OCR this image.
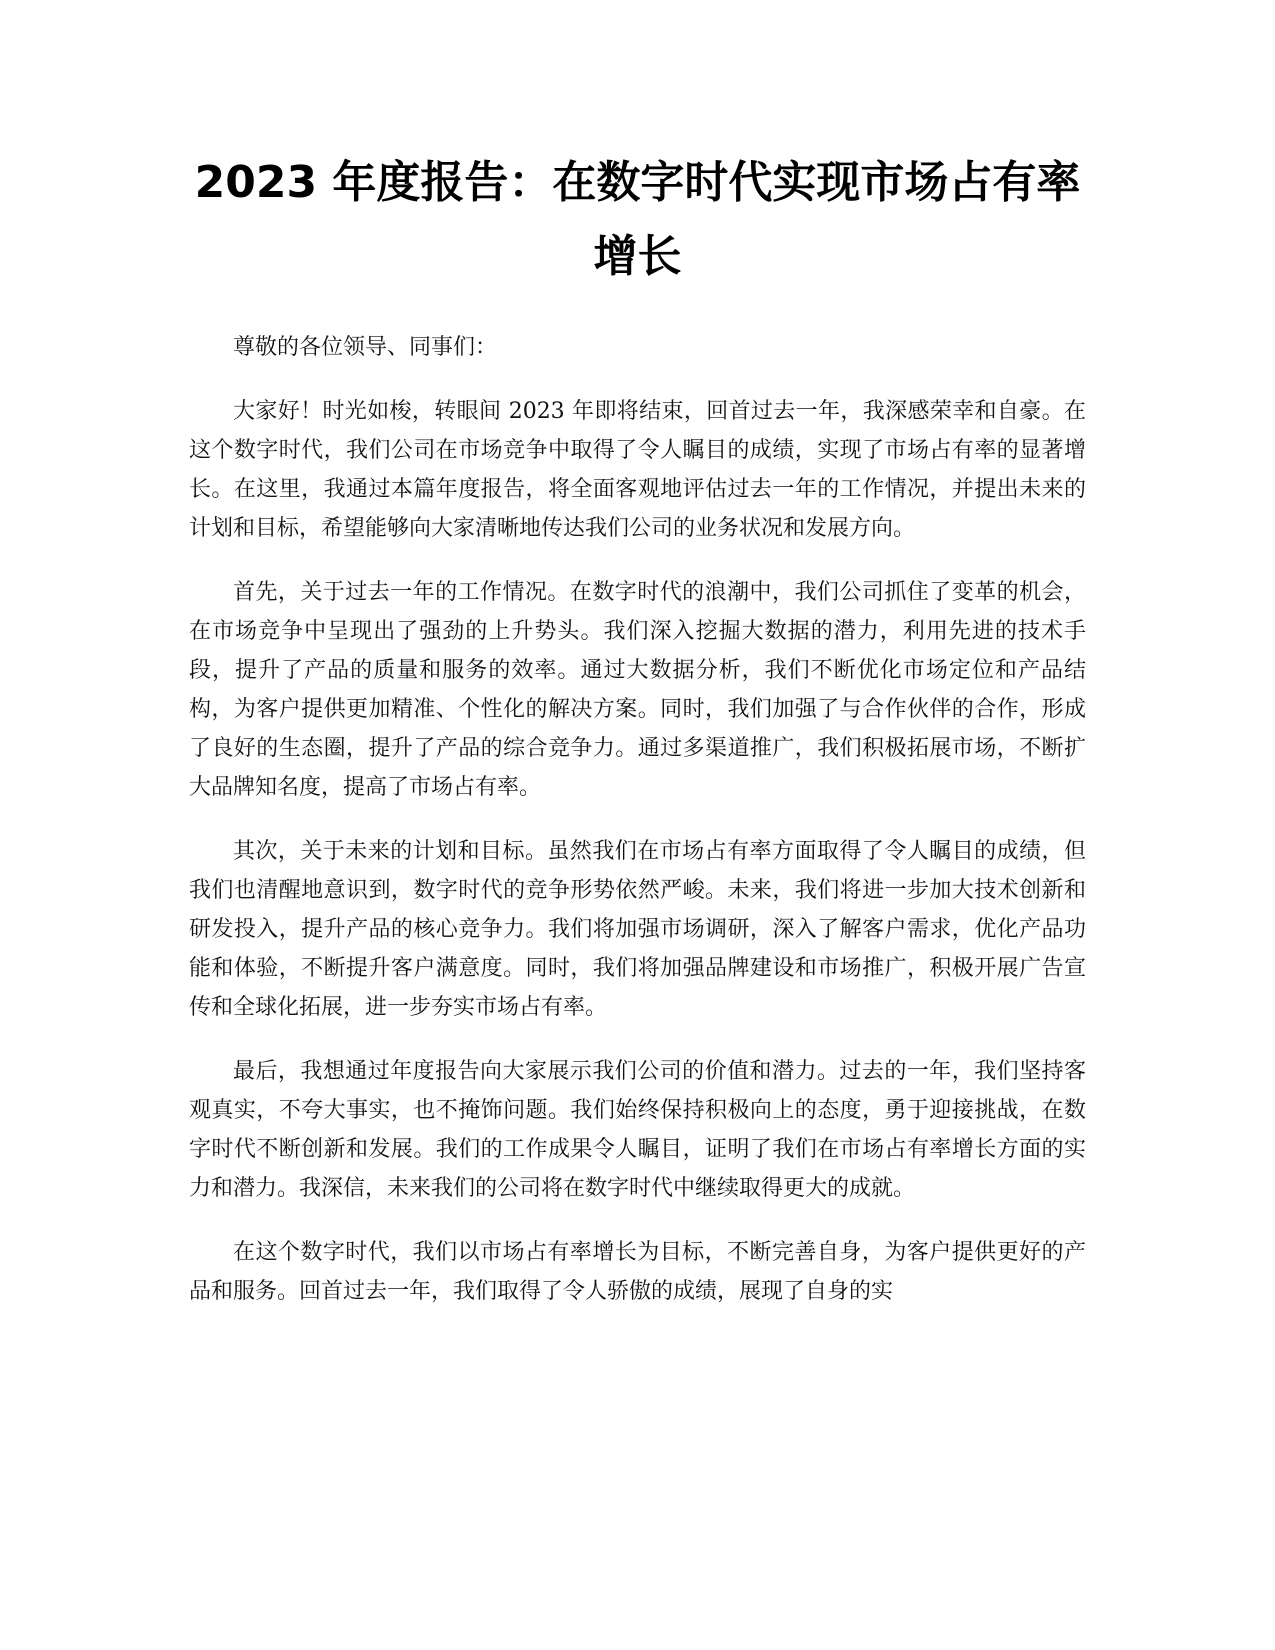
2023 年度报告：在数字时代实现市场占有率增长

尊敬的各位领导、同事们：

大家好！时光如梭，转眼间 2023 年即将结束，回首过去一年，我深感荣幸和自豪。在这个数字时代，我们公司在市场竞争中取得了令人瞩目的成绩，实现了市场占有率的显著增长。在这里，我通过本篇年度报告，将全面客观地评估过去一年的工作情况，并提出未来的计划和目标，希望能够向大家清晰地传达我们公司的业务状况和发展方向。

首先，关于过去一年的工作情况。在数字时代的浪潮中，我们公司抓住了变革的机会，在市场竞争中呈现出了强劲的上升势头。我们深入挖掘大数据的潜力，利用先进的技术手段，提升了产品的质量和服务的效率。通过大数据分析，我们不断优化市场定位和产品结构，为客户提供更加精准、个性化的解决方案。同时，我们加强了与合作伙伴的合作，形成了良好的生态圈，提升了产品的综合竞争力。通过多渠道推广，我们积极拓展市场，不断扩大品牌知名度，提高了市场占有率。

其次，关于未来的计划和目标。虽然我们在市场占有率方面取得了令人瞩目的成绩，但我们也清醒地意识到，数字时代的竞争形势依然严峻。未来，我们将进一步加大技术创新和研发投入，提升产品的核心竞争力。我们将加强市场调研，深入了解客户需求，优化产品功能和体验，不断提升客户满意度。同时，我们将加强品牌建设和市场推广，积极开展广告宣传和全球化拓展，进一步夯实市场占有率。

最后，我想通过年度报告向大家展示我们公司的价值和潜力。过去的一年，我们坚持客观真实，不夸大事实，也不掩饰问题。我们始终保持积极向上的态度，勇于迎接挑战，在数字时代不断创新和发展。我们的工作成果令人瞩目，证明了我们在市场占有率增长方面的实力和潜力。我深信，未来我们的公司将在数字时代中继续取得更大的成就。

在这个数字时代，我们以市场占有率增长为目标，不断完善自身，为客户提供更好的产品和服务。回首过去一年，我们取得了令人骄傲的成绩，展现了自身的实
